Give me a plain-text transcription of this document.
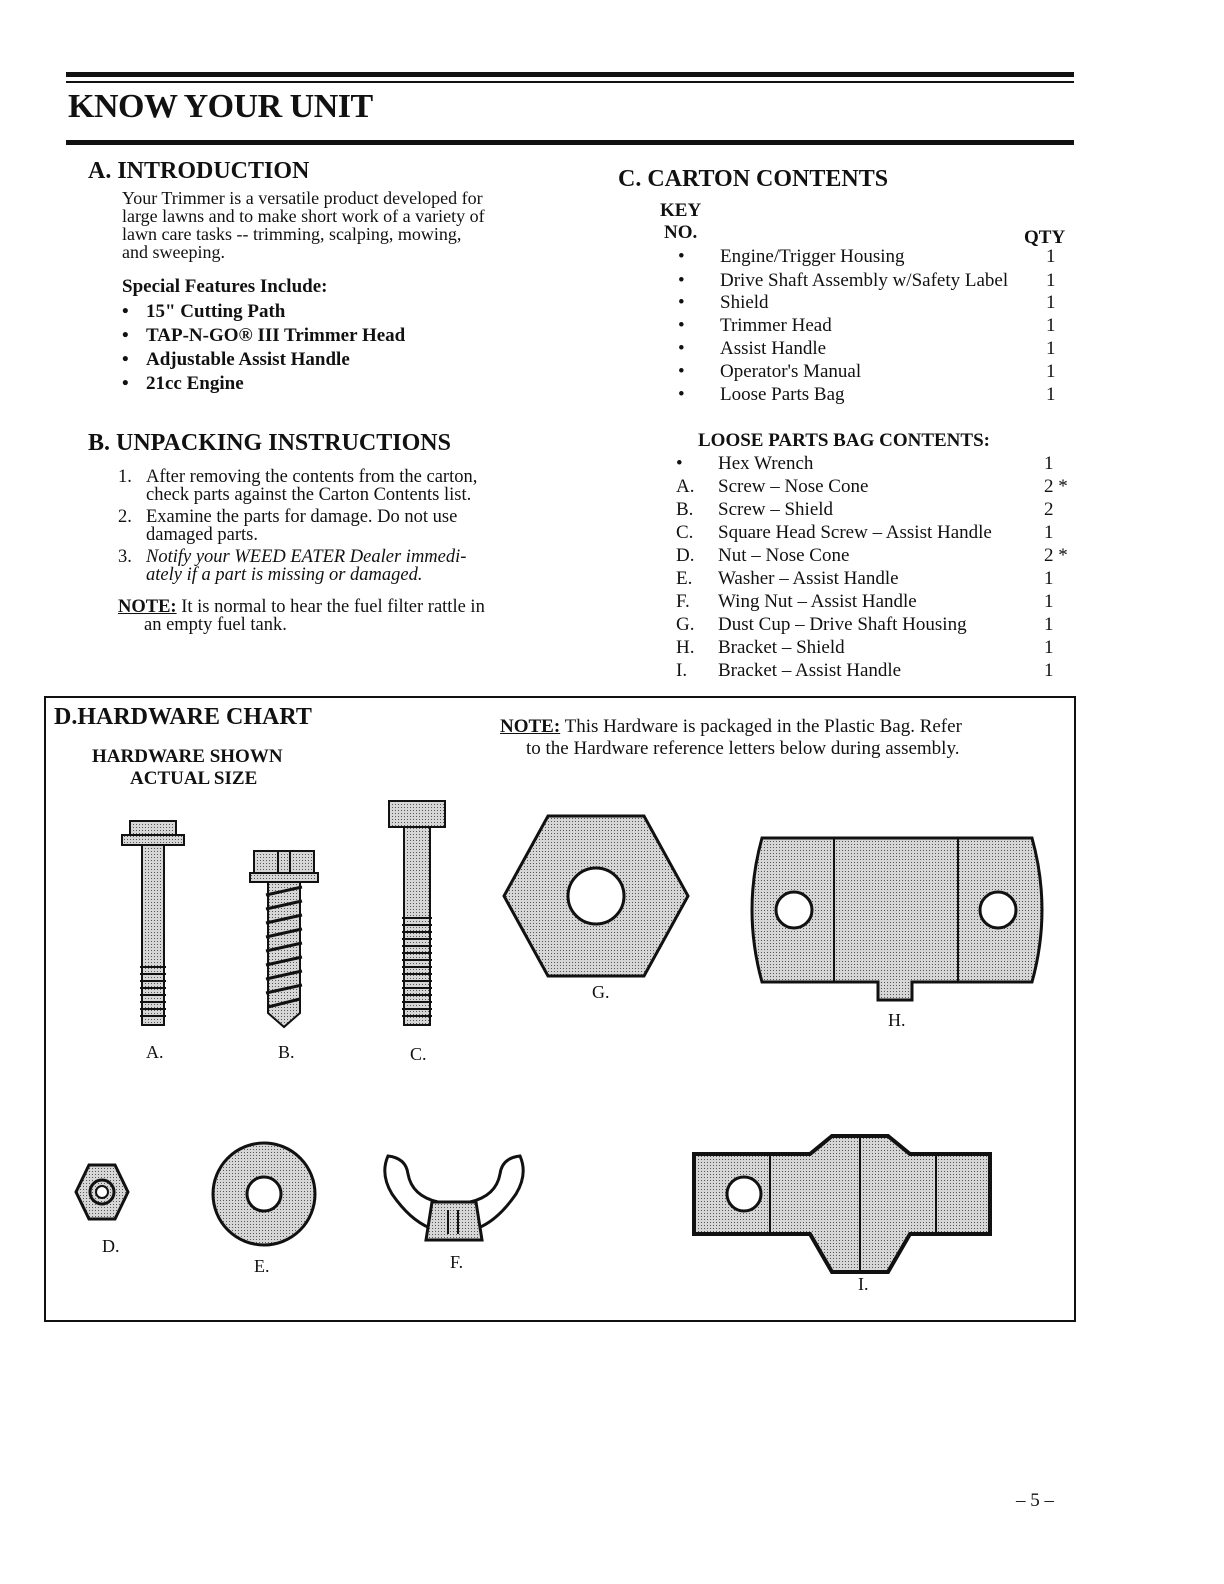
KNOW YOUR UNIT
A. INTRODUCTION
Your Trimmer is a versatile product developed for
large lawns and to make short work of a variety of
lawn care tasks -- trimming, scalping, mowing,
and sweeping.
Special Features Include:
• 15" Cutting Path
• TAP-N-GO® III Trimmer Head
• Adjustable Assist Handle
• 21cc Engine
B. UNPACKING INSTRUCTIONS
1. After removing the contents from the carton,
check parts against the Carton Contents list.
2. Examine the parts for damage. Do not use
damaged parts.
3. Notify your WEED EATER Dealer immedi-
ately if a part is missing or damaged.
NOTE: It is normal to hear the fuel filter rattle in
an empty fuel tank.
C. CARTON CONTENTS
KEY
NO.	QTY
• Engine/Trigger Housing	1
• Drive Shaft Assembly w/Safety Label 1
• Shield	1
• Trimmer Head	1
• Assist Handle	1
• Operator's Manual	1
• Loose Parts Bag	1
LOOSE PARTS BAG CONTENTS:
• Hex Wrench	1
A. Screw – Nose Cone	2 *
B. Screw – Shield	2
C. Square Head Screw – Assist Handle	1
D. Nut – Nose Cone	2 *
E. Washer – Assist Handle	1
F. Wing Nut – Assist Handle	1
G. Dust Cup – Drive Shaft Housing	1
H. Bracket – Shield	1
I. Bracket – Assist Handle	1
D.HARDWARE CHART
HARDWARE SHOWN
ACTUAL SIZE
NOTE: This Hardware is packaged in the Plastic Bag. Refer
to the Hardware reference letters below during assembly.
A.	B.	C.
G.
H.
D.
E.	F.
I.
– 5 –
